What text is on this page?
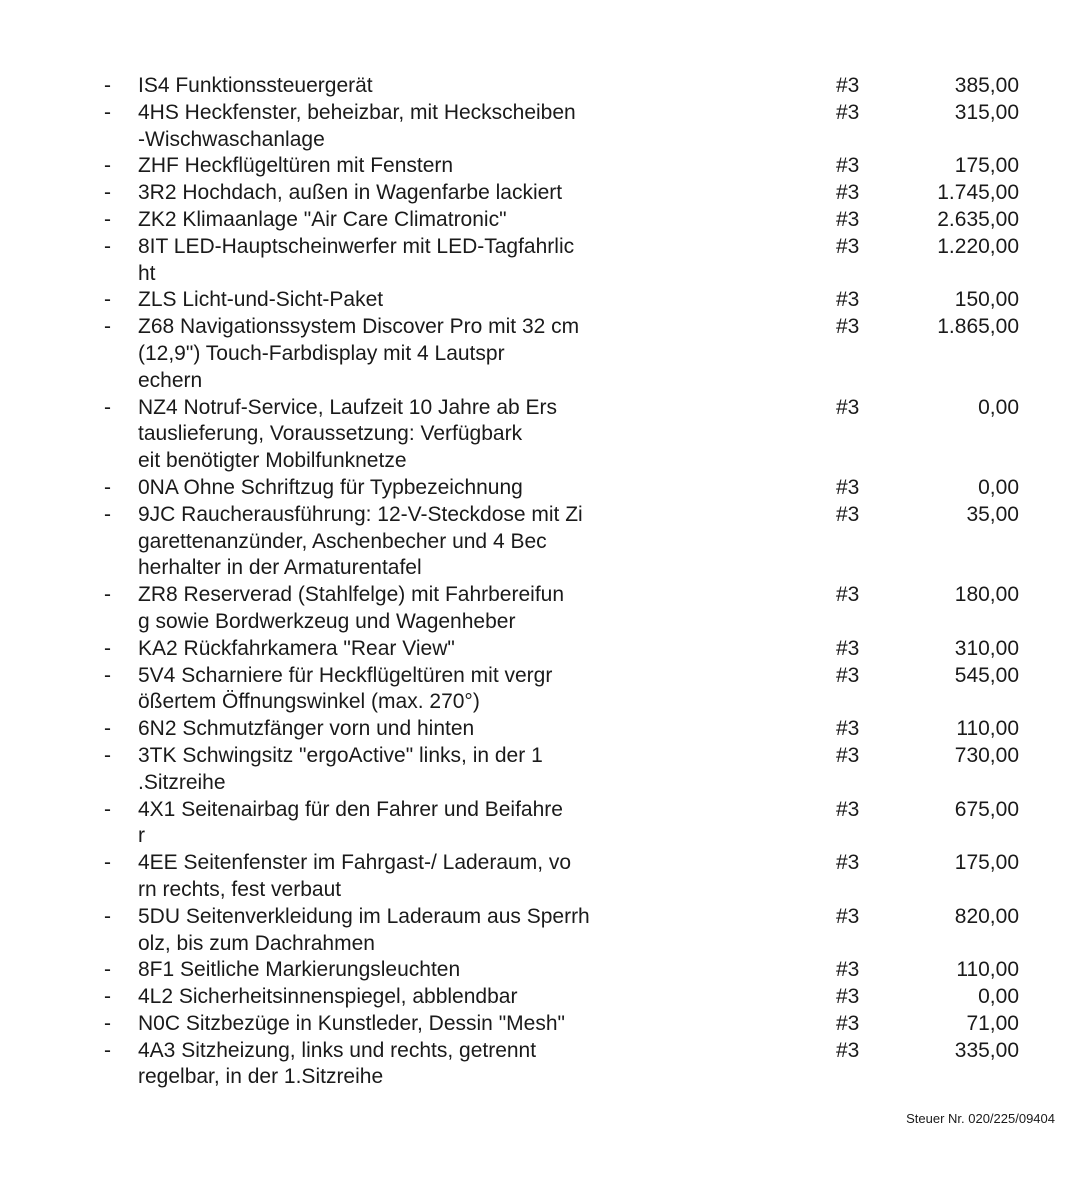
- IS4 Funktionssteuergerät	#3	385,00
- 4HS Heckfenster, beheizbar, mit Heckscheiben
-Wischwaschanlage
#3	315,00
- ZHF Heckflügeltüren mit Fenstern	#3	175,00
- 3R2 Hochdach, außen in Wagenfarbe lackiert	#3	1.745,00
- ZK2 Klimaanlage "Air Care Climatronic"	#3	2.635,00
- 8IT LED-Hauptscheinwerfer mit LED-Tagfahrlic
ht
#3	1.220,00
- ZLS Licht-und-Sicht-Paket	#3	150,00
- Z68 Navigationssystem Discover Pro mit 32 cm
(12,9") Touch-Farbdisplay mit 4 Lautspr
echern
#3	1.865,00
- NZ4 Notruf-Service, Laufzeit 10 Jahre ab Ers
tauslieferung, Voraussetzung: Verfügbark
eit benötigter Mobilfunknetze
#3	0,00
- 0NA Ohne Schriftzug für Typbezeichnung	#3	0,00
- 9JC Raucherausführung: 12-V-Steckdose mit Zi
garettenanzünder, Aschenbecher und 4 Bec
herhalter in der Armaturentafel
#3	35,00
- ZR8 Reserverad (Stahlfelge) mit Fahrbereifun
g sowie Bordwerkzeug und Wagenheber
#3	180,00
- KA2 Rückfahrkamera "Rear View"	#3	310,00
- 5V4 Scharniere für Heckflügeltüren mit vergr
ößertem Öffnungswinkel (max. 270°)
#3	545,00
- 6N2 Schmutzfänger vorn und hinten	#3	110,00
- 3TK Schwingsitz "ergoActive" links, in der 1
.Sitzreihe
#3	730,00
- 4X1 Seitenairbag für den Fahrer und Beifahre
r
#3	675,00
- 4EE Seitenfenster im Fahrgast-/ Laderaum, vo
rn rechts, fest verbaut
#3	175,00
- 5DU Seitenverkleidung im Laderaum aus Sperrh
olz, bis zum Dachrahmen
#3	820,00
- 8F1 Seitliche Markierungsleuchten	#3	110,00
- 4L2 Sicherheitsinnenspiegel, abblendbar	#3	0,00
- N0C Sitzbezüge in Kunstleder, Dessin "Mesh"	#3	71,00
- 4A3 Sitzheizung, links und rechts, getrennt
regelbar, in der 1.Sitzreihe
#3	335,00
Steuer Nr. 020/225/09404
